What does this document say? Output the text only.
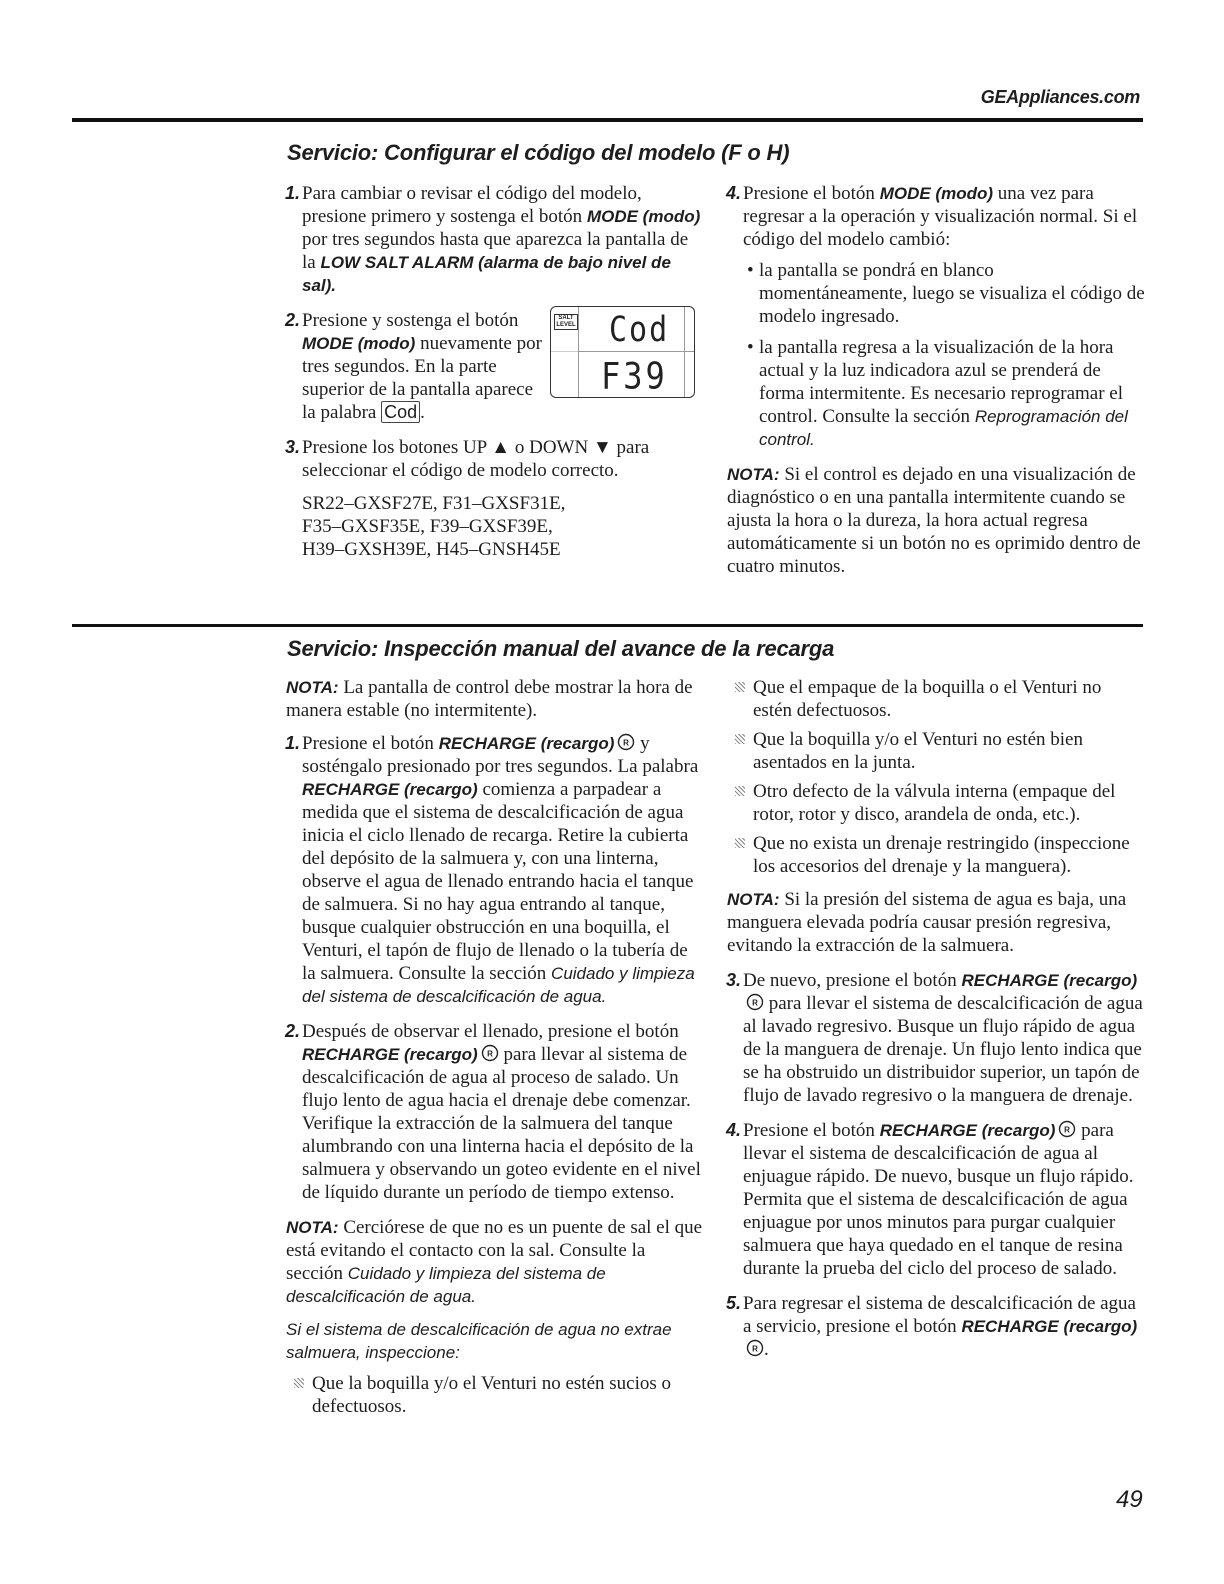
GEAppliances.com
Servicio: Configurar el código del modelo (F o H)
1. Para cambiar o revisar el código del modelo, presione primero y sostenga el botón MODE (modo) por tres segundos hasta que aparezca la pantalla de la LOW SALT ALARM (alarma de bajo nivel de sal).
2. Presione y sostenga el botón MODE (modo) nuevamente por tres segundos. En la parte superior de la pantalla aparece la palabra Cod .
3. Presione los botones UP ▲ o DOWN ▼ para seleccionar el código de modelo correcto.
SR22–GXSF27E, F31–GXSF31E,
F35–GXSF35E, F39–GXSF39E,
H39–GXSH39E, H45–GNSH45E
SALT
LEVEL Cod
F39
4. Presione el botón MODE (modo) una vez para regresar a la operación y visualización normal. Si el código del modelo cambió:
• la pantalla se pondrá en blanco momentáneamente, luego se visualiza el código de modelo ingresado.
• la pantalla regresa a la visualización de la hora actual y la luz indicadora azul se prenderá de forma intermitente. Es necesario reprogramar el control. Consulte la sección Reprogramación del control.

NOTA: Si el control es dejado en una visualización de diagnóstico o en una pantalla intermitente cuando se ajusta la hora o la dureza, la hora actual regresa automáticamente si un botón no es oprimido dentro de cuatro minutos.

Servicio: Inspección manual del avance de la recarga

NOTA: La pantalla de control debe mostrar la hora de manera estable (no intermitente).

1. Presione el botón RECHARGE (recargo) R y sosténgalo presionado por tres segundos. La palabra RECHARGE (recargo) comienza a parpadear a medida que el sistema de descalcificación de agua inicia el ciclo llenado de recarga. Retire la cubierta del depósito de la salmuera y, con una linterna, observe el agua de llenado entrando hacia el tanque de salmuera. Si no hay agua entrando al tanque, busque cualquier obstrucción en una boquilla, el Venturi, el tapón de flujo de llenado o la tubería de la salmuera. Consulte la sección Cuidado y limpieza del sistema de descalcificación de agua.
2. Después de observar el llenado, presione el botón RECHARGE (recargo) R para llevar al sistema de descalcificación de agua al proceso de salado. Un flujo lento de agua hacia el drenaje debe comenzar. Verifique la extracción de la salmuera del tanque alumbrando con una linterna hacia el depósito de la salmuera y observando un goteo evidente en el nivel de líquido durante un período de tiempo extenso.

NOTA: Cerciórese de que no es un puente de sal el que está evitando el contacto con la sal. Consulte la sección Cuidado y limpieza del sistema de descalcificación de agua.

Si el sistema de descalcificación de agua no extrae salmuera, inspeccione:

Que la boquilla y/o el Venturi no estén sucios o defectuosos.
Que el empaque de la boquilla o el Venturi no estén defectuosos.
Que la boquilla y/o el Venturi no estén bien asentados en la junta.
Otro defecto de la válvula interna (empaque del rotor, rotor y disco, arandela de onda, etc.).
Que no exista un drenaje restringido (inspeccione los accesorios del drenaje y la manguera).

NOTA: Si la presión del sistema de agua es baja, una manguera elevada podría causar presión regresiva, evitando la extracción de la salmuera.

3. De nuevo, presione el botón RECHARGE (recargo)
R para llevar el sistema de descalcificación de agua al lavado regresivo. Busque un flujo rápido de agua de la manguera de drenaje. Un flujo lento indica que se ha obstruido un distribuidor superior, un tapón de flujo de lavado regresivo o la manguera de drenaje.
4. Presione el botón RECHARGE (recargo) R para llevar el sistema de descalcificación de agua al enjuague rápido. De nuevo, busque un flujo rápido. Permita que el sistema de descalcificación de agua enjuague por unos minutos para purgar cualquier salmuera que haya quedado en el tanque de resina durante la prueba del ciclo del proceso de salado.
5. Para regresar el sistema de descalcificación de agua a servicio, presione el botón RECHARGE (recargo)
R .
49
